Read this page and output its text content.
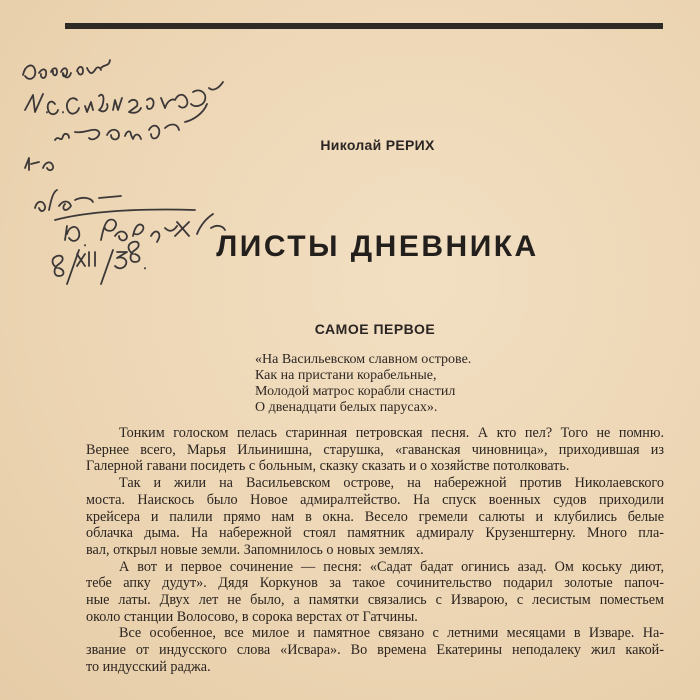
Николай РЕРИХ
ЛИСТЫ ДНЕВНИКА
САМОЕ ПЕРВОЕ
«На Васильевском славном острове.
Как на пристани корабельные,
Молодой матрос корабли снастил
О двенадцати белых парусах».
Тонким голоском пелась старинная петровская песня. А кто пел? Того не помню.
Вернее всего, Марья Ильинишна, старушка, «гаванская чиновница», приходившая из
Галерной гавани посидеть с больным, сказку сказать и о хозяйстве потолковать.
Так и жили на Васильевском острове, на набережной против Николаевского
моста. Наискось было Новое адмиралтейство. На спуск военных судов приходили
крейсера и палили прямо нам в окна. Весело гремели салюты и клубились белые
облачка дыма. На набережной стоял памятник адмиралу Крузенштерну. Много пла-
вал, открыл новые земли. Запомнилось о новых землях.
А вот и первое сочинение — песня: «Садат бадат огинись азад. Ом коську диют,
тебе апку дудут». Дядя Коркунов за такое сочинительство подарил золотые папоч-
ные латы. Двух лет не было, а памятки связались с Изварою, с лесистым поместьем
около станции Волосово, в сорока верстах от Гатчины.
Все особенное, все милое и памятное связано с летними месяцами в Изваре. На-
звание от индусского слова «Исвара». Во времена Екатерины неподалеку жил какой-
то индусский раджа.
